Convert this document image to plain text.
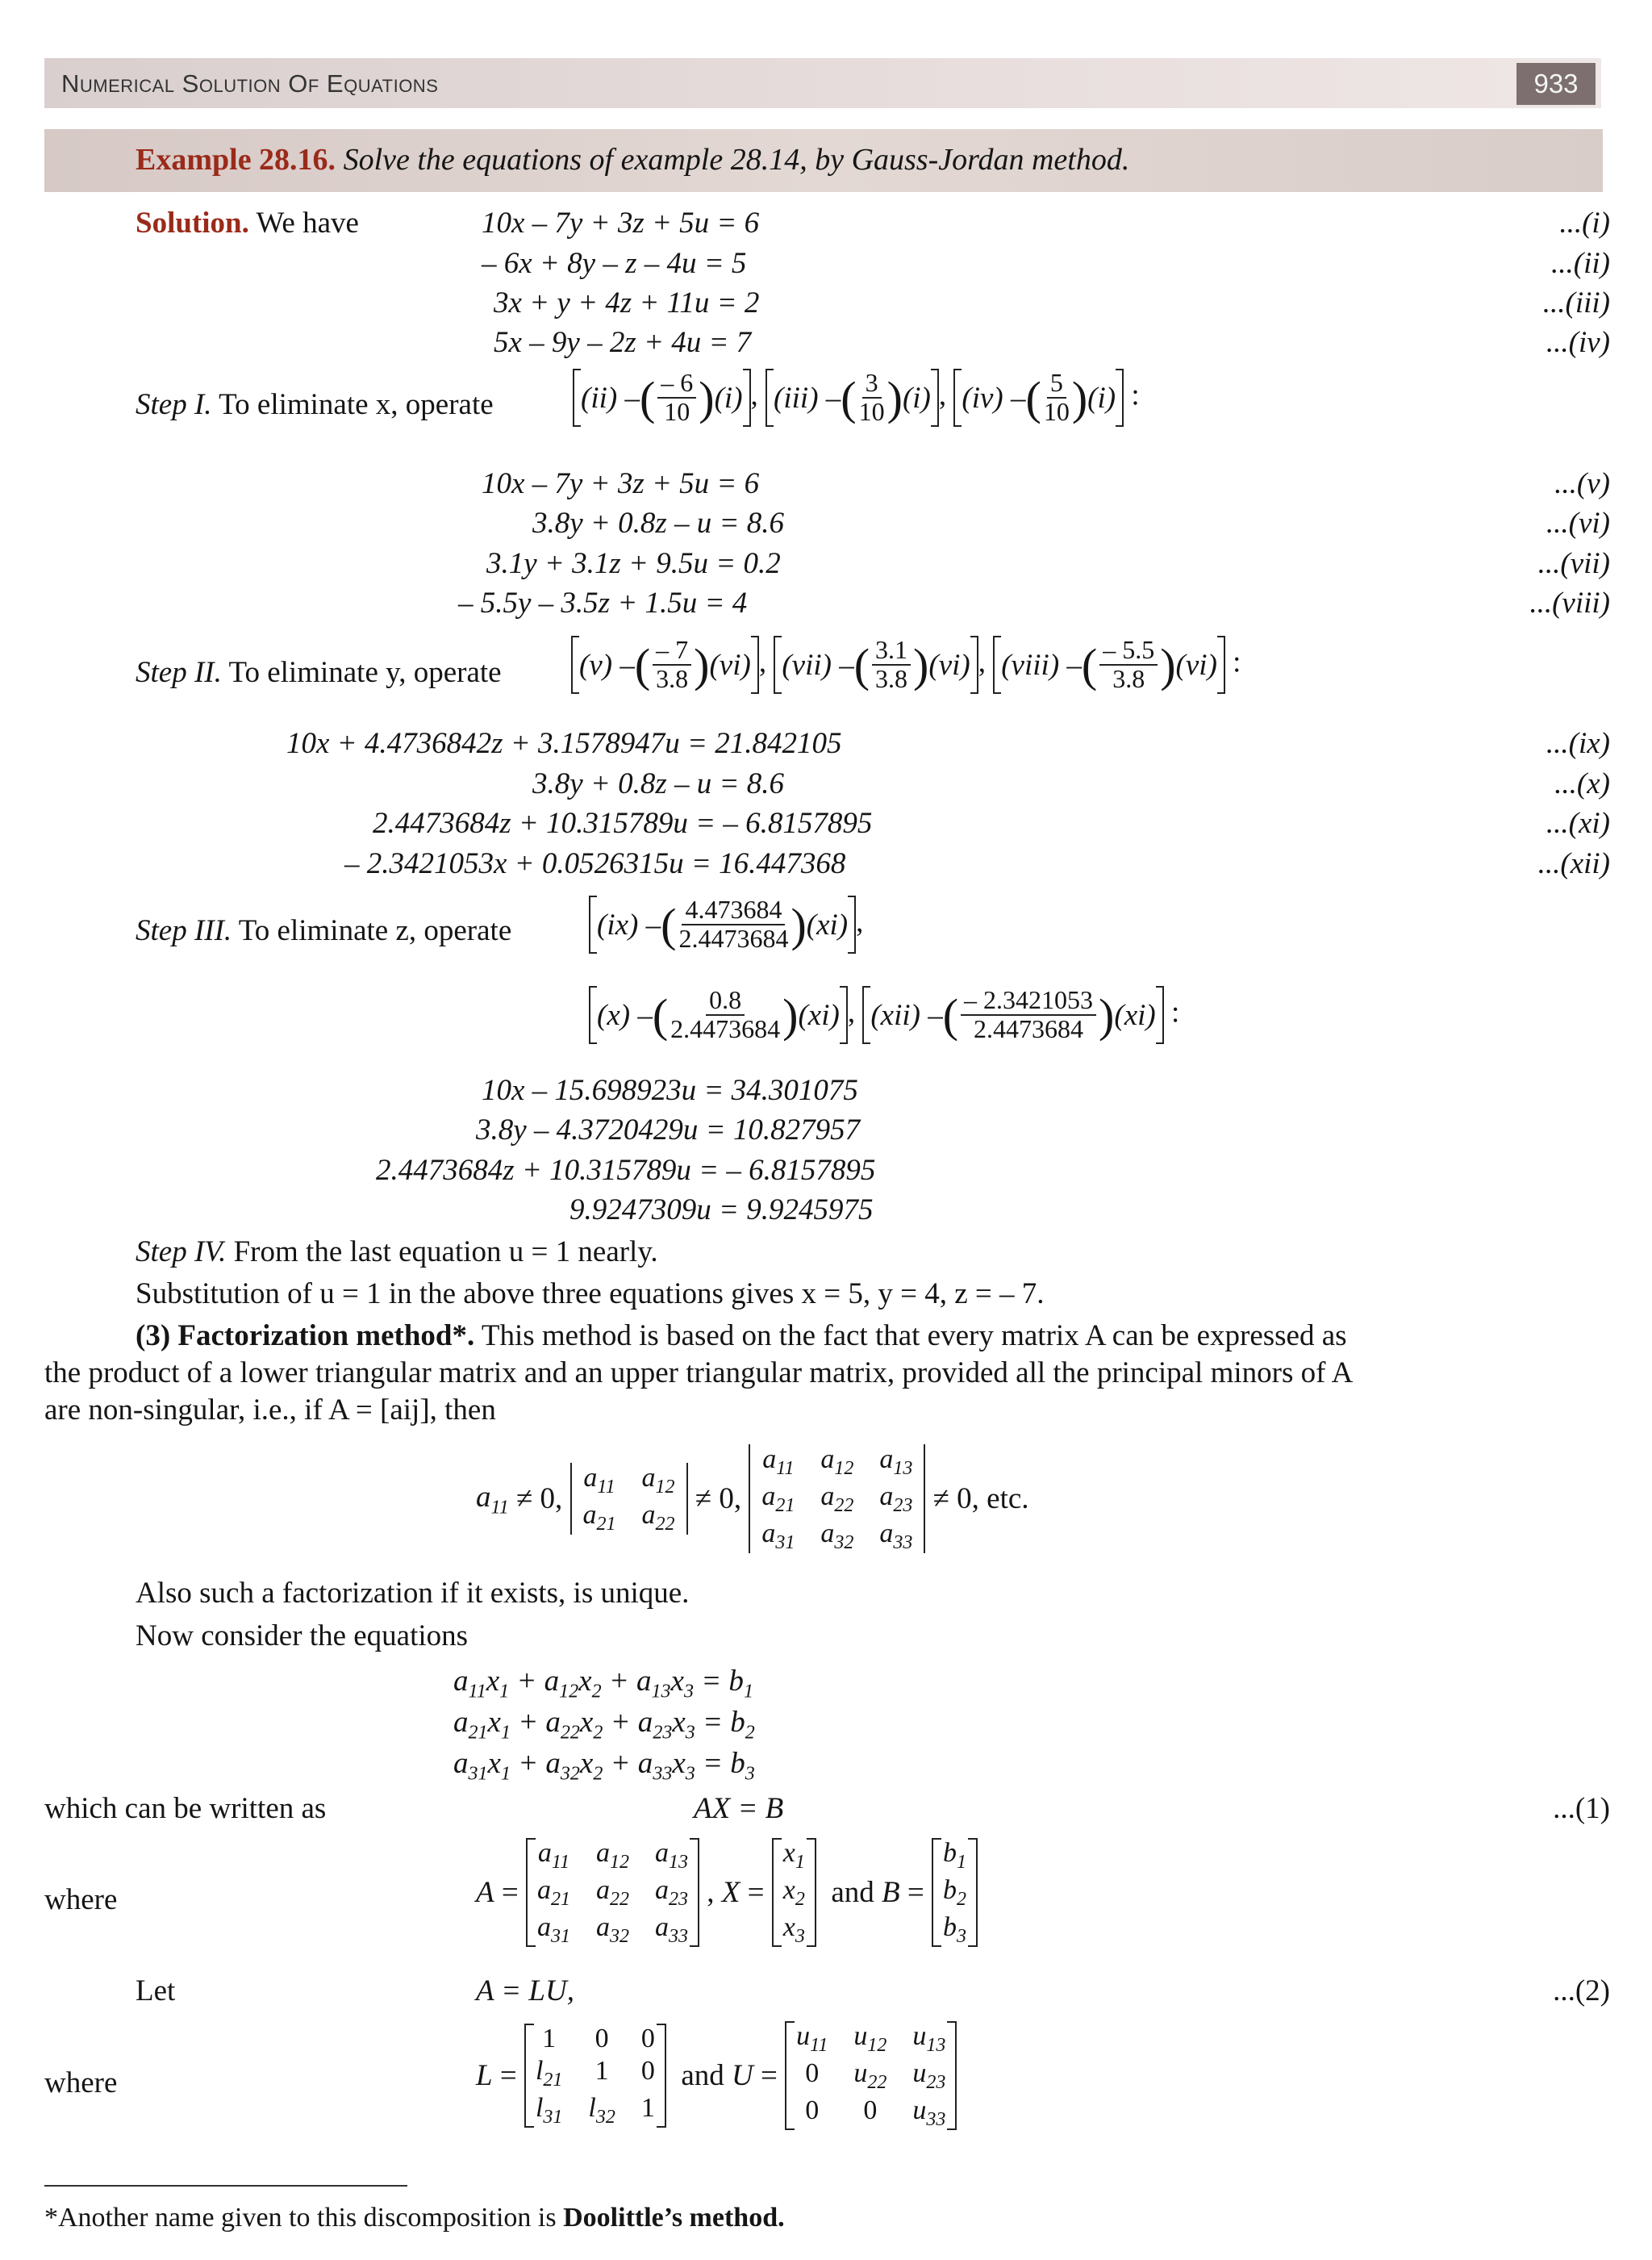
Numerical Solution Of Equations	933
Example 28.16. Solve the equations of example 28.14, by Gauss-Jordan method.
Solution. We have	10x – 7y + 3z + 5u = 6	...(i)
– 6x + 8y – z – 4u = 5	...(ii)
3x + y + 4z + 11u = 2	...(iii)
5x – 9y – 2z + 4u = 7	...(iv)
Step I. To eliminate x, operate	(ii) – ( $\frac{- 6}{10}$ ) (i) , (iii) – ( $\frac{3}{10}$ ) (i) , (iv) – ( $\frac{5}{10}$ ) (i) :
10x – 7y + 3z + 5u = 6	...(v)
3.8y + 0.8z – u = 8.6	...(vi)
3.1y + 3.1z + 9.5u = 0.2	...(vii)
– 5.5y – 3.5z + 1.5u = 4	...(viii)
Step II. To eliminate y, operate	(v) – ( $\frac{- 7}{3.8}$ ) (vi) , (vii) – ( $\frac{3.1}{3.8}$ ) (vi) , (viii) – ( $\frac{- 5.5}{3.8}$ ) (vi) :
10x + 4.4736842z + 3.1578947u = 21.842105	...(ix)
3.8y + 0.8z – u = 8.6	...(x)
2.4473684z + 10.315789u = – 6.8157895	...(xi)
– 2.3421053x + 0.0526315u = 16.447368	...(xii)
Step III. To eliminate z, operate	(ix) – ( $\frac{4.473684}{2.4473684}$ ) (xi) ,
(x) – ( $\frac{0.8}{2.4473684}$ ) (xi) , (xii) – ( $\frac{- 2.3421053}{2.4473684}$ ) (xi) :
10x – 15.698923u = 34.301075
3.8y – 4.3720429u = 10.827957
2.4473684z + 10.315789u = – 6.8157895
9.9247309u = 9.9245975
Step IV. From the last equation u = 1 nearly.
Substitution of u = 1 in the above three equations gives x = 5, y = 4, z = – 7.
(3) Factorization method*. This method is based on the fact that every matrix A can be expressed as
the product of a lower triangular matrix and an upper triangular matrix, provided all the principal minors of A
are non-singular, i.e., if A = [aij], then
$a_{11} \ne 0$,
$a_{11}$ $a_{12}$
$a_{21}$ $a_{22}$
≠ 0,
$a_{11}$ $a_{12}$ $a_{13}$
$a_{21}$ $a_{22}$ $a_{23}$
$a_{31}$ $a_{32}$ $a_{33}$

≠ 0, etc.
Also such a factorization if it exists, is unique.
Now consider the equations
$a_{11}x_1 + a_{12}x_2 + a_{13}x_3 = b_1$
$a_{21}x_1 + a_{22}x_2 + a_{23}x_3 = b_2$
$a_{31}x_1 + a_{32}x_2 + a_{33}x_3 = b_3$
which can be written as	AX = B	...(1)
where	A =
$a_{11}$ $a_{12}$ $a_{13}$
$a_{21}$ $a_{22}$ $a_{23}$
$a_{31}$ $a_{32}$ $a_{33}$
, X =
$x_1$
$x_2$
$x_3$

and
B =
$b_1$
$b_2$
$b_3$
Let	A = LU,	...(2)
where	L =
1 0 0
$l_{21}$ 1 0
$l_{31}$ $l_{32}$ 1

and
U =
$u_{11}$ $u_{12}$ $u_{13}$
0	$u_{22}$ $u_{23}$
0	0	$u_{33}$
*Another name given to this discomposition is Doolittle’s method.
